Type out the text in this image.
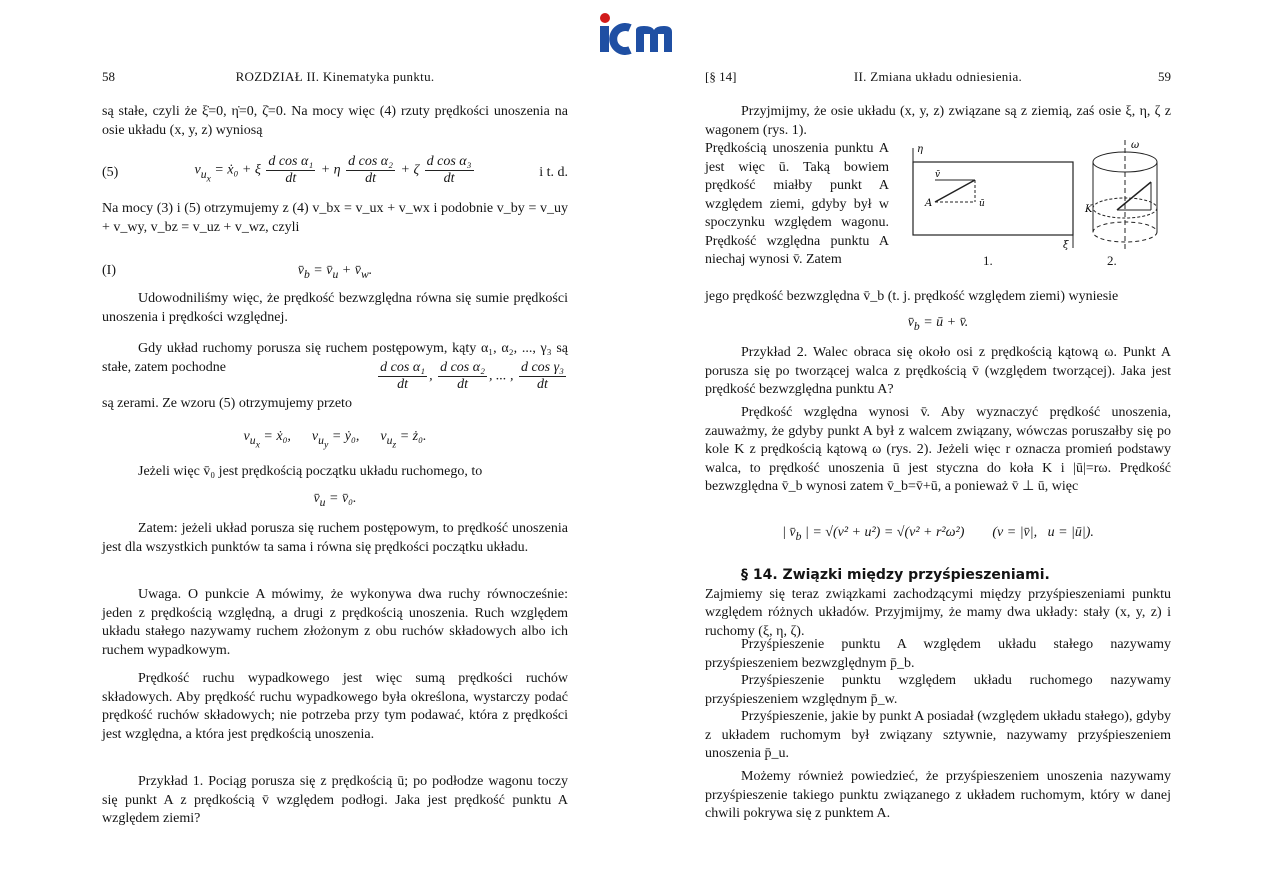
58	ROZDZIAŁ II. Kinematyka punktu.

są stałe, czyli że ξ̇=0, η̇=0, ζ̇=0. Na mocy więc (4) rzuty prędkości unoszenia na osie układu (x, y, z) wyniosą

(5)	$v_{u_x}$ = ẋ₀ + ξ $\frac{\text{d cos α₁}}{dt} + \eta \frac{\text{d cos α₂}}{dt} + \zeta \frac{\text{d cos α₃}}{dt}$	i t. d.

Na mocy (3) i (5) otrzymujemy z (4) v_bx = v_ux + v_wx i podobnie v_by = v_uy + v_wy, v_bz = v_uz + v_wz, czyli

(I)	$v̄_b$ = $v̄_u$ + $v̄_w$.

Udowodniliśmy więc, że prędkość bezwzględna równa się sumie prędkości unoszenia i prędkości względnej.

Gdy układ ruchomy porusza się ruchem postępowym, kąty α₁, α₂, ..., γ₃ są stałe, zatem pochodne	$\frac{\text{d cos α₁}}{dt}$ , $\frac{\text{d cos α₂}}{dt}$ , ... , $\frac{\text{d cos γ₃}}{dt}$

są zerami. Ze wzoru (5) otrzymujemy przeto

$v_{u_x}$ = ẋ₀,      $v_{u_y}$ = ẏ₀,      $v_{u_z}$ = ż₀.

Jeżeli więc v̄₀ jest prędkością początku układu ruchomego, to

$v̄_u$ = v̄₀.

Zatem: jeżeli układ porusza się ruchem postępowym, to prędkość unoszenia jest dla wszystkich punktów ta sama i równa się prędkości początku układu.

Uwaga. O punkcie A mówimy, że wykonywa dwa ruchy równocześnie: jeden z prędkością względną, a drugi z prędkością unoszenia. Ruch względem układu stałego nazywamy ruchem złożonym z obu ruchów składowych albo ich ruchem wypadkowym.

Prędkość ruchu wypadkowego jest więc sumą prędkości ruchów składowych. Aby prędkość ruchu wypadkowego była określona, wystarczy podać prędkość ruchów składowych; nie potrzeba przy tym podawać, która z prędkości jest względna, a która jest prędkością unoszenia.

Przykład 1. Pociąg porusza się z prędkością ū; po podłodze wagonu toczy się punkt A z prędkością v̄ względem podłogi. Jaka jest prędkość punktu A względem ziemi?

[§ 14]	II. Zmiana układu odniesienia.	59

Przyjmijmy, że osie układu (x, y, z) związane są z ziemią, zaś osie ξ, η, ζ z wagonem (rys. 1).

Prędkością unoszenia punktu A jest więc ū. Taką bowiem prędkość miałby punkt A względem ziemi, gdyby był w spoczynku względem wagonu. Prędkość względna punktu A niechaj wynosi v̄. Zatem

K
A
η	ω
ū
v̄
ξ
1.	2.

jego prędkość bezwzględna v̄_b (t. j. prędkość względem ziemi) wyniesie

$v̄_b$ = ū + v̄.

Przykład 2. Walec obraca się około osi z prędkością kątową ω. Punkt A porusza się po tworzącej walca z prędkością v̄ (względem tworzącej). Jaka jest prędkość bezwzględna punktu A?

Prędkość względna wynosi v̄. Aby wyznaczyć prędkość unoszenia, zauważmy, że gdyby punkt A był z walcem związany, wówczas poruszałby się po kole K z prędkością kątową ω (rys. 2). Jeżeli więc r oznacza promień podstawy walca, to prędkość unoszenia ū jest styczna do koła K i |ū|=rω. Prędkość bezwzględna v̄_b wynosi zatem v̄_b=v̄+ū, a ponieważ v̄ ⊥ ū, więc

| $v̄_b$ | = √(v² + u²) = √(v² + r²ω²)        (v = |v̄|,   u = |ū|).

§ 14. Związki między przyśpieszeniami.

Zajmiemy się teraz związkami zachodzącymi między przyśpieszeniami punktu względem różnych układów. Przyjmijmy, że mamy dwa układy: stały (x, y, z) i ruchomy (ξ, η, ζ).

Przyśpieszenie punktu A względem układu stałego nazywamy przyśpieszeniem bezwzględnym p̄_b.

Przyśpieszenie punktu względem układu ruchomego nazywamy przyśpieszeniem względnym p̄_w.

Przyśpieszenie, jakie by punkt A posiadał (względem układu stałego), gdyby z układem ruchomym był związany sztywnie, nazywamy przyśpieszeniem unoszenia p̄_u.

Możemy również powiedzieć, że przyśpieszeniem unoszenia nazywamy przyśpieszenie takiego punktu związanego z układem ruchomym, który w danej chwili pokrywa się z punktem A.
